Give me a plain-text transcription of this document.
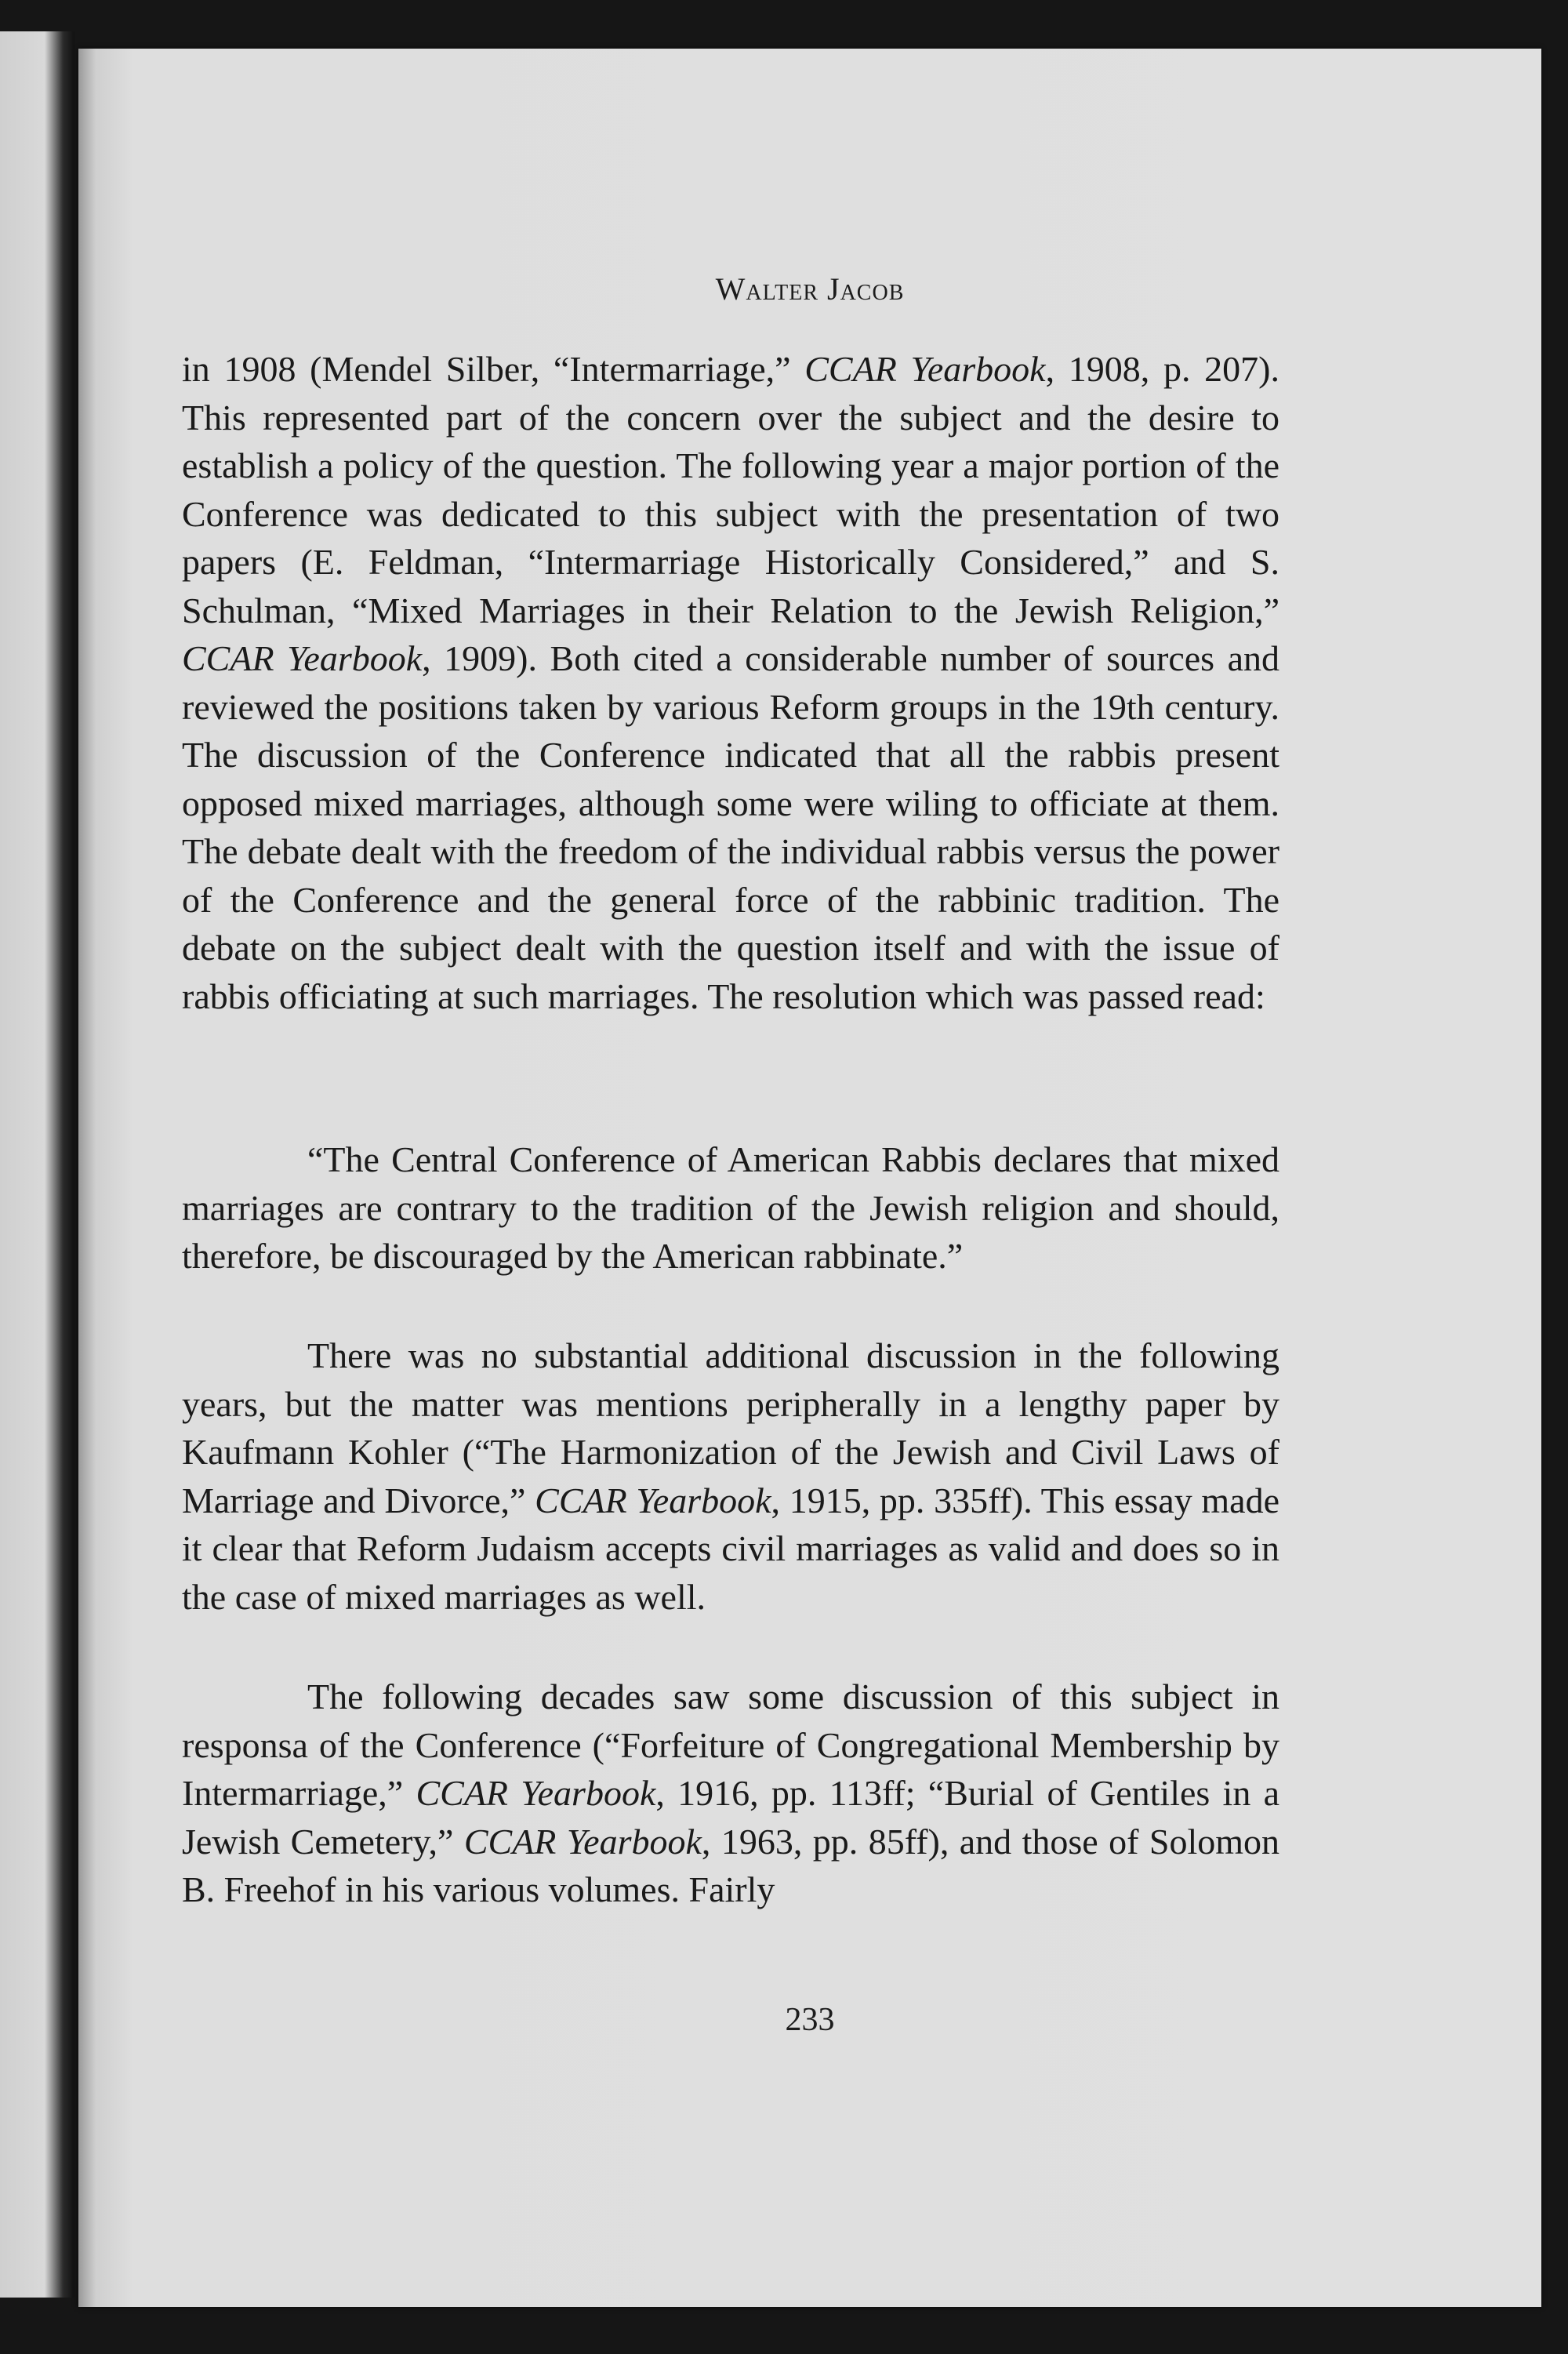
Walter Jacob
in 1908 (Mendel Silber, “Intermarriage,” CCAR Yearbook, 1908, p. 207). This represented part of the concern over the subject and the desire to establish a policy of the question. The following year a major portion of the Conference was dedicated to this subject with the presentation of two papers (E. Feldman, “Intermarriage Historically Considered,” and S. Schulman, “Mixed Marriages in their Relation to the Jewish Religion,” CCAR Yearbook, 1909). Both cited a considerable number of sources and reviewed the positions taken by various Reform groups in the 19th century. The discussion of the Conference indicated that all the rabbis present opposed mixed marriages, although some were wiling to officiate at them. The debate dealt with the freedom of the individual rabbis versus the power of the Conference and the general force of the rabbinic tradition. The debate on the subject dealt with the question itself and with the issue of rabbis officiating at such marriages. The resolution which was passed read:
“The Central Conference of American Rabbis declares that mixed marriages are contrary to the tradition of the Jewish religion and should, therefore, be discouraged by the American rabbinate.”
There was no substantial additional discussion in the following years, but the matter was mentions peripherally in a lengthy paper by Kaufmann Kohler (“The Harmonization of the Jewish and Civil Laws of Marriage and Divorce,” CCAR Yearbook, 1915, pp. 335ff). This essay made it clear that Reform Judaism accepts civil marriages as valid and does so in the case of mixed marriages as well.
The following decades saw some discussion of this subject in responsa of the Conference (“Forfeiture of Congregational Membership by Intermarriage,” CCAR Yearbook, 1916, pp. 113ff; “Burial of Gentiles in a Jewish Cemetery,” CCAR Yearbook, 1963, pp. 85ff), and those of Solomon B. Freehof in his various volumes. Fairly
233
